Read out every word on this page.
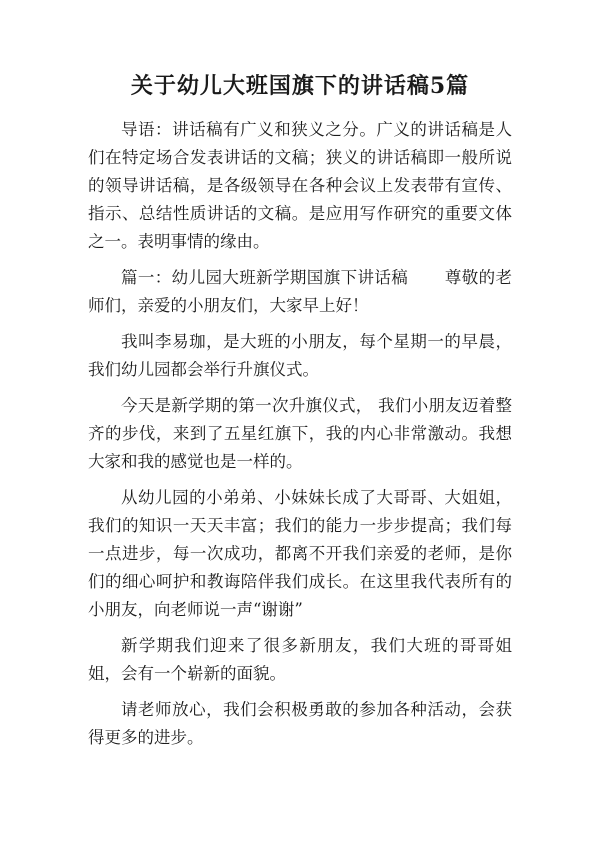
关于幼儿大班国旗下的讲话稿5篇

导语：讲话稿有广义和狭义之分。广义的讲话稿是人们在特定场合发表讲话的文稿；狭义的讲话稿即一般所说的领导讲话稿，是各级领导在各种会议上发表带有宣传、指示、总结性质讲话的文稿。是应用写作研究的重要文体之一。表明事情的缘由。

篇一：幼儿园大班新学期国旗下讲话稿 尊敬的老师们，亲爱的小朋友们，大家早上好！

我叫李易珈，是大班的小朋友，每个星期一的早晨，我们幼儿园都会举行升旗仪式。

今天是新学期的第一次升旗仪式， 我们小朋友迈着整齐的步伐，来到了五星红旗下，我的内心非常激动。我想大家和我的感觉也是一样的。

从幼儿园的小弟弟、小妹妹长成了大哥哥、大姐姐，我们的知识一天天丰富；我们的能力一步步提高；我们每一点进步，每一次成功，都离不开我们亲爱的老师，是你们的细心呵护和教诲陪伴我们成长。在这里我代表所有的小朋友，向老师说一声“谢谢”

新学期我们迎来了很多新朋友，我们大班的哥哥姐姐，会有一个崭新的面貌。

请老师放心，我们会积极勇敢的参加各种活动，会获得更多的进步。
